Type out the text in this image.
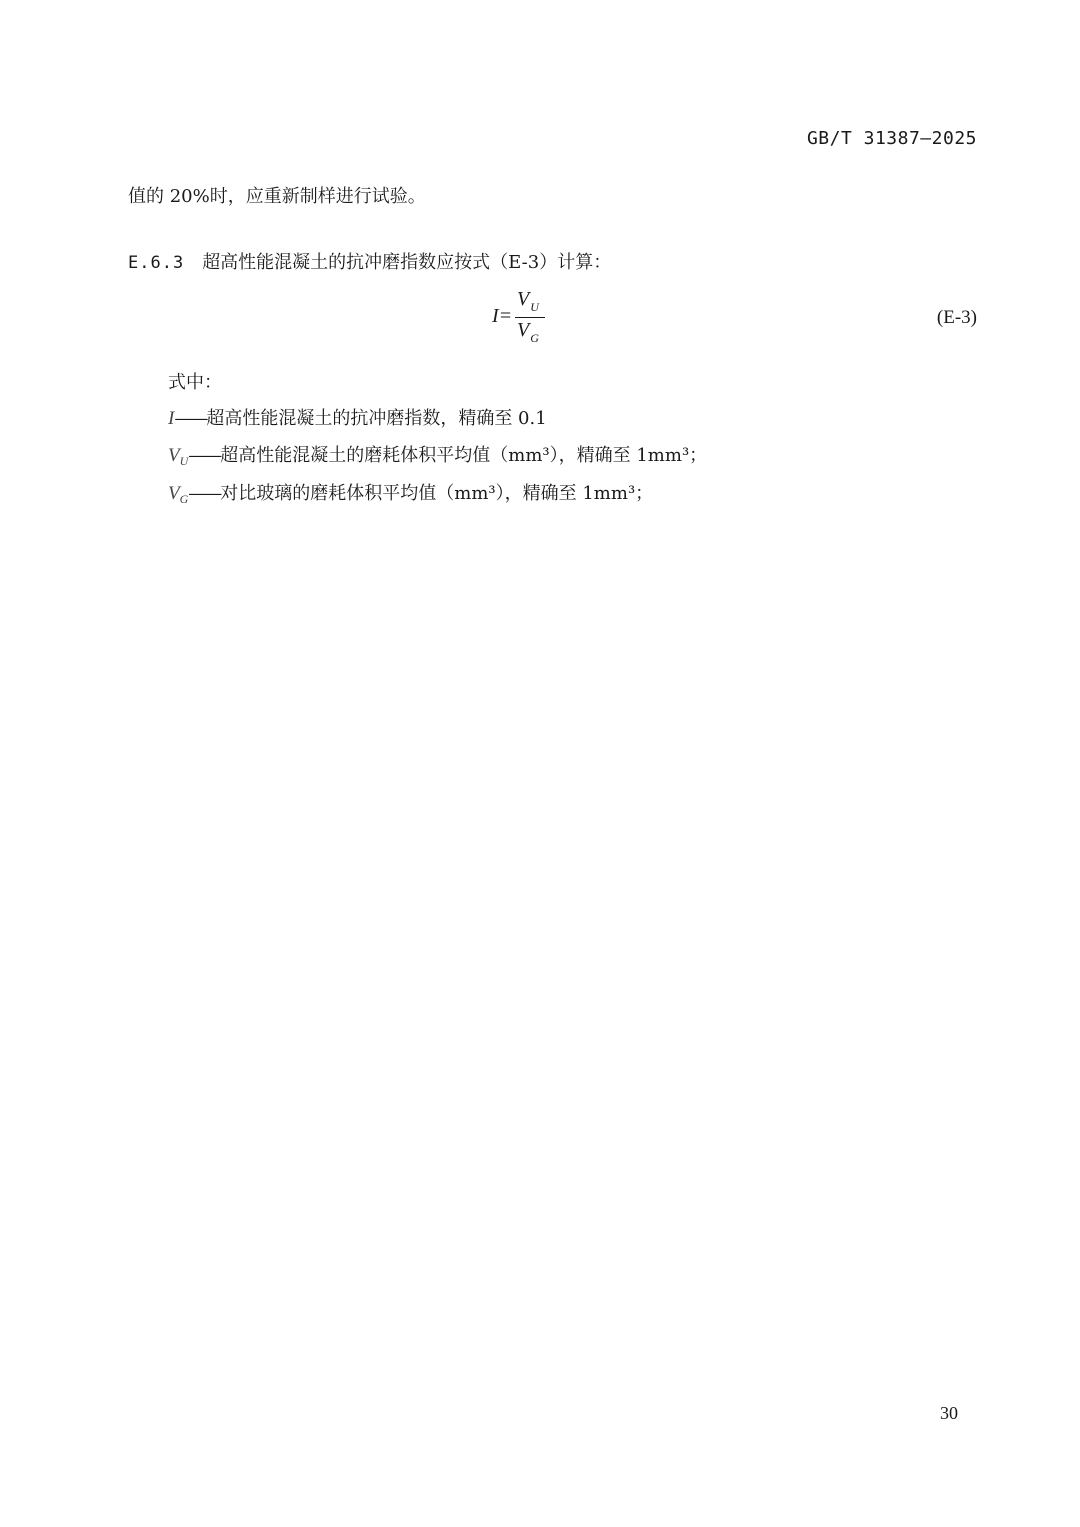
GB/T 31387—2025
值的 20%时，应重新制样进行试验。
E.6.3 超高性能混凝土的抗冲磨指数应按式（E-3）计算：
I=
$V_U$
$V_G$
(E-3)
式中：
I——超高性能混凝土的抗冲磨指数，精确至 0.1
$V_U——$超高性能混凝土的磨耗体积平均值（mm³），精确至 1mm³；
$V_G——$对比玻璃的磨耗体积平均值（mm³），精确至 1mm³；
30
